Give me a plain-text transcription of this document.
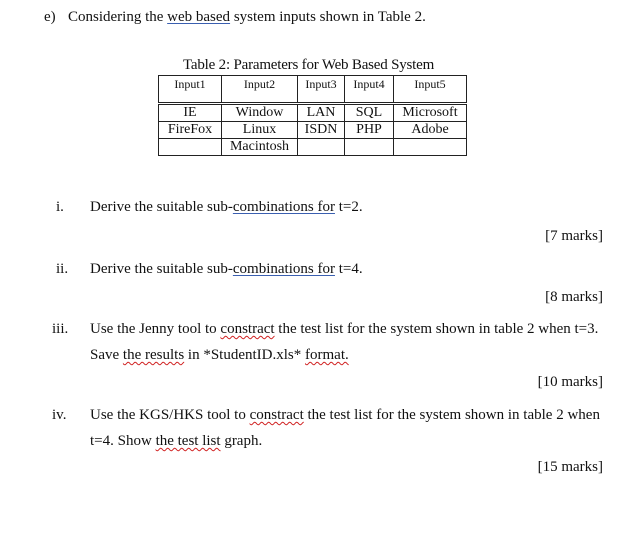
e) Considering the web based system inputs shown in Table 2.
Table 2: Parameters for Web Based System
Input1	Input2	Input3	Input4	Input5
IE	Window	LAN	SQL	Microsoft
FireFox	Linux	ISDN	PHP	Adobe
	Macintosh			
i. Derive the suitable sub-combinations for t=2.
[7 marks]
ii. Derive the suitable sub-combinations for t=4.
[8 marks]
iii. Use the Jenny tool to constract the test list for the system shown in table 2 when t=3.
Save the results in *StudentID.xls* format.
[10 marks]
iv. Use the KGS/HKS tool to constract the test list for the system shown in table 2 when
t=4. Show the test list graph.
[15 marks]
